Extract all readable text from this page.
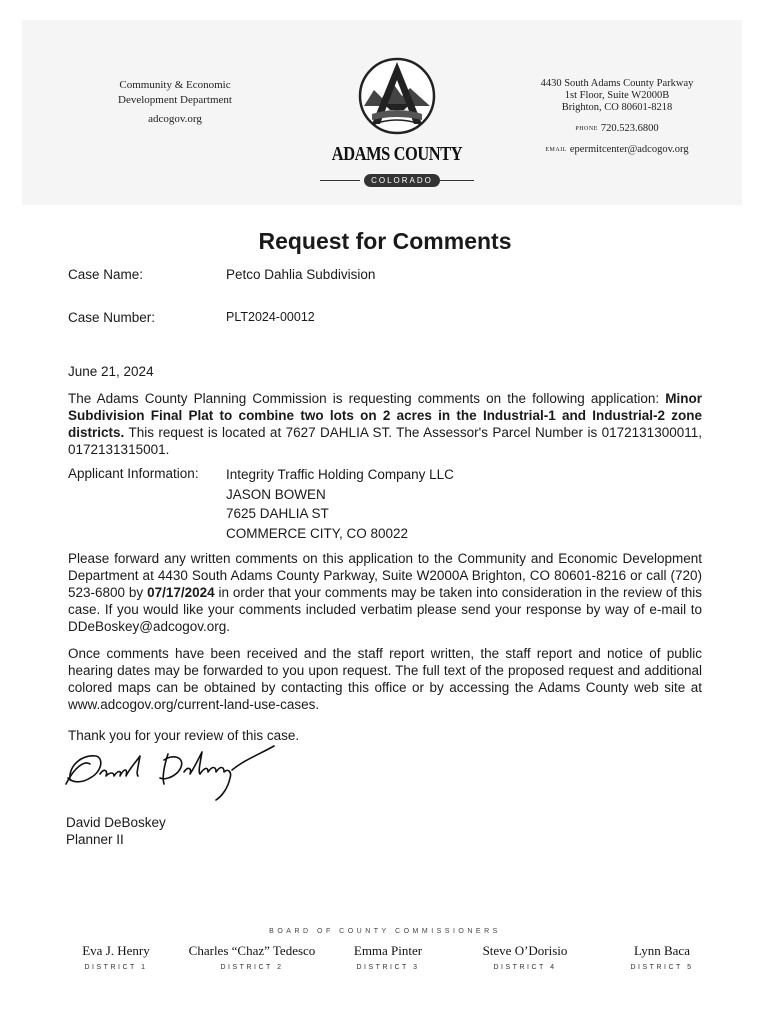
Community & Economic
Development Department
adcogov.org
ADAMS COUNTY
COLORADO
4430 South Adams County Parkway
1st Floor, Suite W2000B
Brighton, CO 80601-8218
PHONE 720.523.6800
EMAIL epermitcenter@adcogov.org
Request for Comments
Case Name:	Petco Dahlia Subdivision
Case Number:	PLT2024-00012
June 21, 2024
The Adams County Planning Commission is requesting comments on the following application: Minor Subdivision Final Plat to combine two lots on 2 acres in the Industrial-1 and Industrial-2 zone districts. This request is located at 7627 DAHLIA ST. The Assessor's Parcel Number is 0172131300011, 0172131315001.
Applicant Information: Integrity Traffic Holding Company LLC
JASON BOWEN
7625 DAHLIA ST
COMMERCE CITY, CO 80022
Please forward any written comments on this application to the Community and Economic Development Department at 4430 South Adams County Parkway, Suite W2000A Brighton, CO 80601-8216 or call (720) 523-6800 by 07/17/2024 in order that your comments may be taken into consideration in the review of this case. If you would like your comments included verbatim please send your response by way of e-mail to DDeBoskey@adcogov.org.
Once comments have been received and the staff report written, the staff report and notice of public hearing dates may be forwarded to you upon request. The full text of the proposed request and additional colored maps can be obtained by contacting this office or by accessing the Adams County web site at www.adcogov.org/current-land-use-cases.
Thank you for your review of this case.
David DeBoskey
Planner II
BOARD OF COUNTY COMMISSIONERS
Eva J. Henry
DISTRICT 1
Charles “Chaz” Tedesco
DISTRICT 2
Emma Pinter
DISTRICT 3
Steve O’Dorisio
DISTRICT 4
Lynn Baca
DISTRICT 5
